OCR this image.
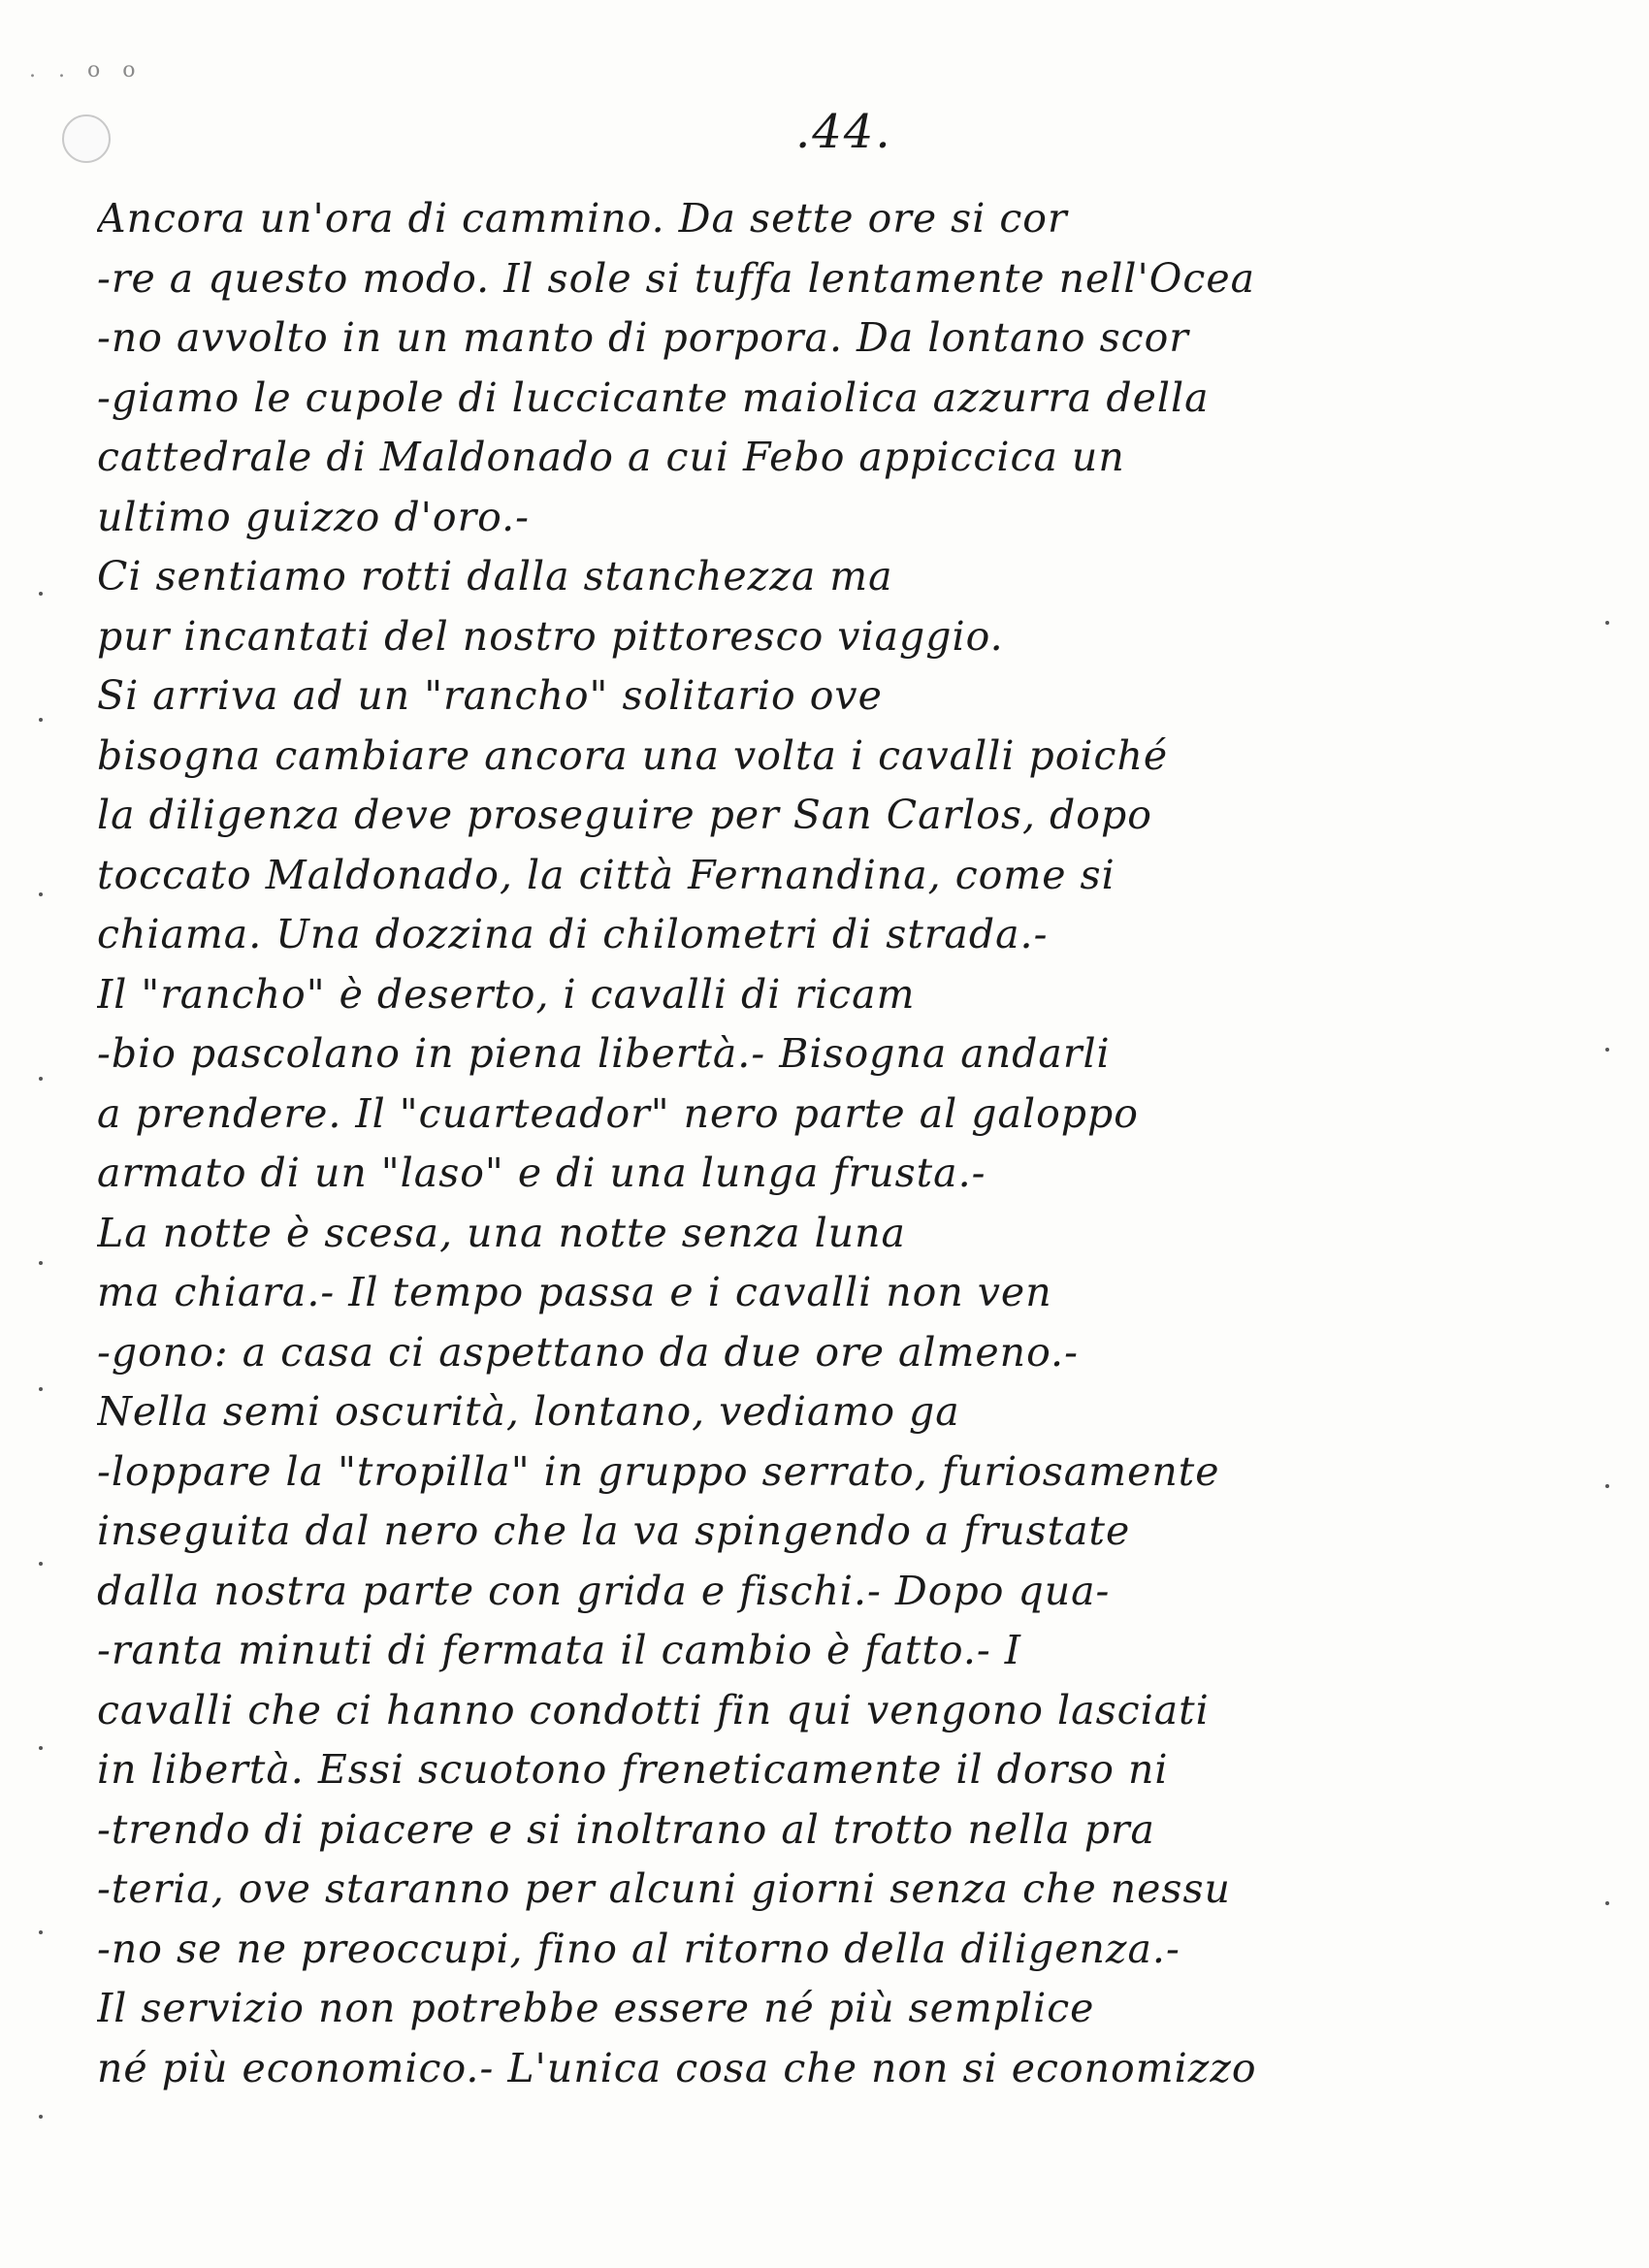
. . o o
.44.
Ancora un'ora di cammino. Da sette ore si cor
-re a questo modo. Il sole si tuffa lentamente nell'Ocea
-no avvolto in un manto di porpora. Da lontano scor
-giamo le cupole di luccicante maiolica azzurra della
cattedrale di Maldonado a cui Febo appiccica un
ultimo guizzo d'oro.-
Ci sentiamo rotti dalla stanchezza ma
pur incantati del nostro pittoresco viaggio.
Si arriva ad un "rancho" solitario ove
bisogna cambiare ancora una volta i cavalli poiché
la diligenza deve proseguire per San Carlos, dopo
toccato Maldonado, la città Fernandina, come si
chiama. Una dozzina di chilometri di strada.-
Il "rancho" è deserto, i cavalli di ricam
-bio pascolano in piena libertà.- Bisogna andarli
a prendere. Il "cuarteador" nero parte al galoppo
armato di un "laso" e di una lunga frusta.-
La notte è scesa, una notte senza luna
ma chiara.- Il tempo passa e i cavalli non ven
-gono: a casa ci aspettano da due ore almeno.-
Nella semi oscurità, lontano, vediamo ga
-loppare la "tropilla" in gruppo serrato, furiosamente
inseguita dal nero che la va spingendo a frustate
dalla nostra parte con grida e fischi.- Dopo qua-
-ranta minuti di fermata il cambio è fatto.- I
cavalli che ci hanno condotti fin qui vengono lasciati
in libertà. Essi scuotono freneticamente il dorso ni
-trendo di piacere e si inoltrano al trotto nella pra
-teria, ove staranno per alcuni giorni senza che nessu
-no se ne preoccupi, fino al ritorno della diligenza.-
Il servizio non potrebbe essere né più semplice
né più economico.- L'unica cosa che non si economizzo
